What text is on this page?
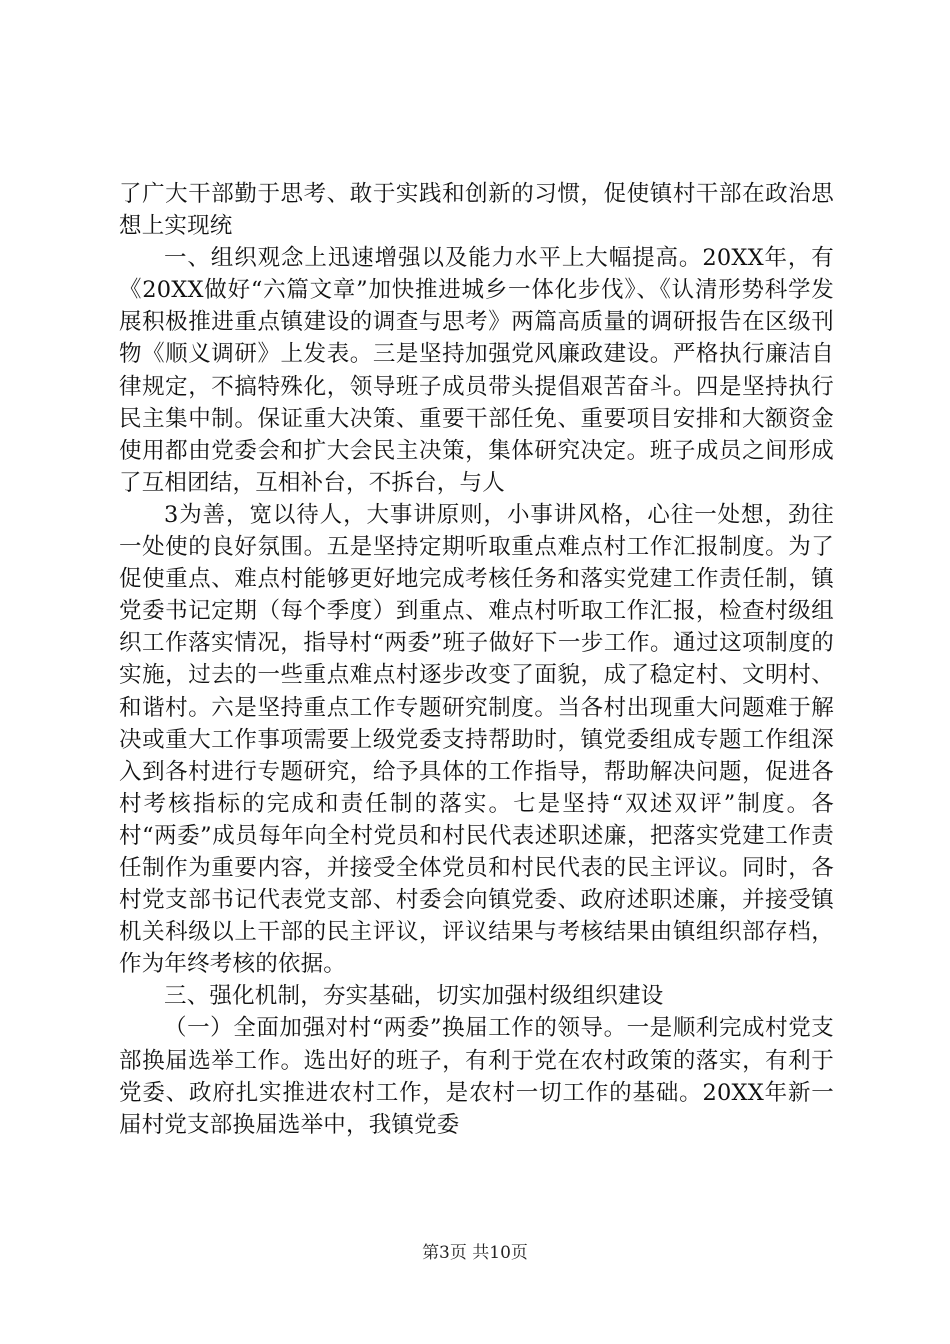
了广大干部勤于思考、敢于实践和创新的习惯，促使镇村干部在政治思想上实现统

一、组织观念上迅速增强以及能力水平上大幅提高。20XX年，有《20XX做好“六篇文章”加快推进城乡一体化步伐》、《认清形势科学发展积极推进重点镇建设的调查与思考》两篇高质量的调研报告在区级刊物《顺义调研》上发表。三是坚持加强党风廉政建设。严格执行廉洁自律规定，不搞特殊化，领导班子成员带头提倡艰苦奋斗。四是坚持执行民主集中制。保证重大决策、重要干部任免、重要项目安排和大额资金使用都由党委会和扩大会民主决策，集体研究决定。班子成员之间形成了互相团结，互相补台，不拆台，与人

3为善，宽以待人，大事讲原则，小事讲风格，心往一处想，劲往一处使的良好氛围。五是坚持定期听取重点难点村工作汇报制度。为了促使重点、难点村能够更好地完成考核任务和落实党建工作责任制，镇党委书记定期（每个季度）到重点、难点村听取工作汇报，检查村级组织工作落实情况，指导村“两委”班子做好下一步工作。通过这项制度的实施，过去的一些重点难点村逐步改变了面貌，成了稳定村、文明村、和谐村。六是坚持重点工作专题研究制度。当各村出现重大问题难于解决或重大工作事项需要上级党委支持帮助时，镇党委组成专题工作组深入到各村进行专题研究，给予具体的工作指导，帮助解决问题，促进各村考核指标的完成和责任制的落实。七是坚持“双述双评”制度。各村“两委”成员每年向全村党员和村民代表述职述廉，把落实党建工作责任制作为重要内容，并接受全体党员和村民代表的民主评议。同时，各村党支部书记代表党支部、村委会向镇党委、政府述职述廉，并接受镇机关科级以上干部的民主评议，评议结果与考核结果由镇组织部存档，作为年终考核的依据。

三、强化机制，夯实基础，切实加强村级组织建设

（一）全面加强对村“两委”换届工作的领导。一是顺利完成村党支部换届选举工作。选出好的班子，有利于党在农村政策的落实，有利于党委、政府扎实推进农村工作，是农村一切工作的基础。20XX年新一届村党支部换届选举中，我镇党委

第3页 共10页
